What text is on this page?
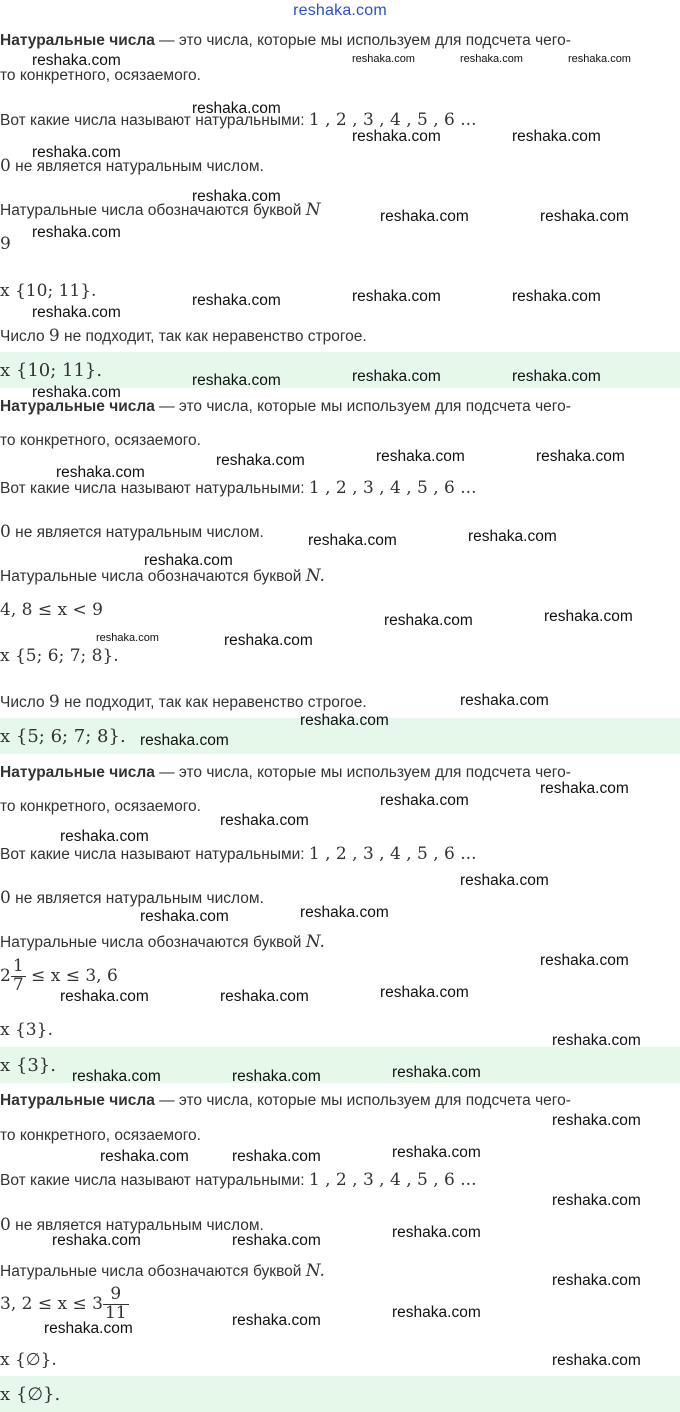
reshaka.com
Натуральные числа — это числа, которые мы используем для подсчета чего-
то конкретного, осязаемого.
Вот какие числа называют натуральными: 1 , 2 , 3 , 4 , 5 , 6 ...
0 не является натуральным числом.
Натуральные числа обозначаются буквой N
9
x {10; 11}.
Число 9 не подходит, так как неравенство строгое.
x {10; 11}.
Натуральные числа — это числа, которые мы используем для подсчета чего-
то конкретного, осязаемого.
Вот какие числа называют натуральными: 1 , 2 , 3 , 4 , 5 , 6 ...
0 не является натуральным числом.
Натуральные числа обозначаются буквой N.
4, 8 ≤ x < 9
x {5; 6; 7; 8}.
Число 9 не подходит, так как неравенство строгое.
x {5; 6; 7; 8}.
Натуральные числа — это числа, которые мы используем для подсчета чего-
то конкретного, осязаемого.
Вот какие числа называют натуральными: 1 , 2 , 3 , 4 , 5 , 6 ...
0 не является натуральным числом.
Натуральные числа обозначаются буквой N.
$2 \frac{1}{7} \le x \le 3$, 6
x {3}.
x {3}.
Натуральные числа — это числа, которые мы используем для подсчета чего-
то конкретного, осязаемого.
Вот какие числа называют натуральными: 1 , 2 , 3 , 4 , 5 , 6 ...
0 не является натуральным числом.
Натуральные числа обозначаются буквой N.
3, $2 \le x \le 3 \frac{9}{11}$
x {∅}.
x {∅}.
reshaka.com	reshaka.com	reshaka.com	reshaka.com
reshaka.com
reshaka.com	reshaka.com
reshaka.com
reshaka.com
reshaka.com	reshaka.com
reshaka.com
reshaka.com	reshaka.com	reshaka.com
reshaka.com
reshaka.com	reshaka.com	reshaka.com
reshaka.com
reshaka.com	reshaka.com	reshaka.com
reshaka.com
reshaka.com	reshaka.com
reshaka.com
reshaka.com	reshaka.com
reshaka.com	reshaka.com
reshaka.com
reshaka.com
reshaka.com
reshaka.com
reshaka.com
reshaka.com
reshaka.com
reshaka.com
reshaka.com	reshaka.com
reshaka.com
reshaka.com	reshaka.com	reshaka.com
reshaka.com
reshaka.com	reshaka.com	reshaka.com
reshaka.com
reshaka.com	reshaka.com	reshaka.com
reshaka.com
reshaka.com	reshaka.com	reshaka.com
reshaka.com
reshaka.com
reshaka.com
reshaka.com
reshaka.com
